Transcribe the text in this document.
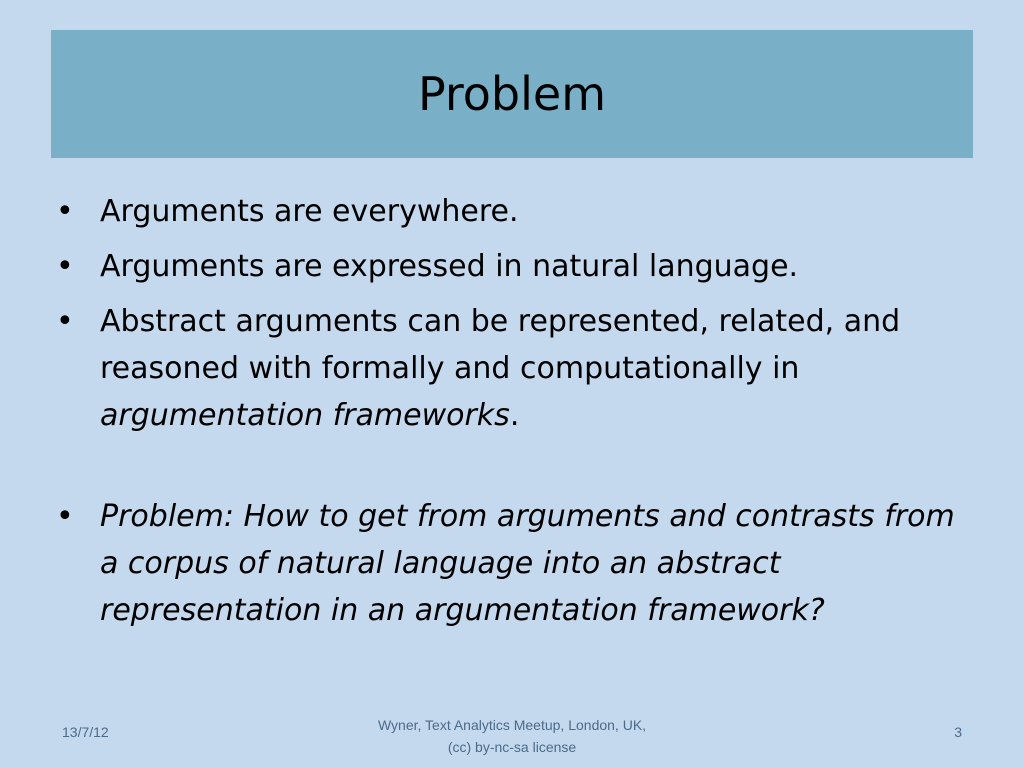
Problem
• Arguments are everywhere.
• Arguments are expressed in natural language.
• Abstract arguments can be represented, related, and reasoned with formally and computationally in argumentation frameworks.
• Problem: How to get from arguments and contrasts from a corpus of natural language into an abstract representation in an argumentation framework?
13/7/12	Wyner, Text Analytics Meetup, London, UK,
(cc) by-nc-sa license
3
